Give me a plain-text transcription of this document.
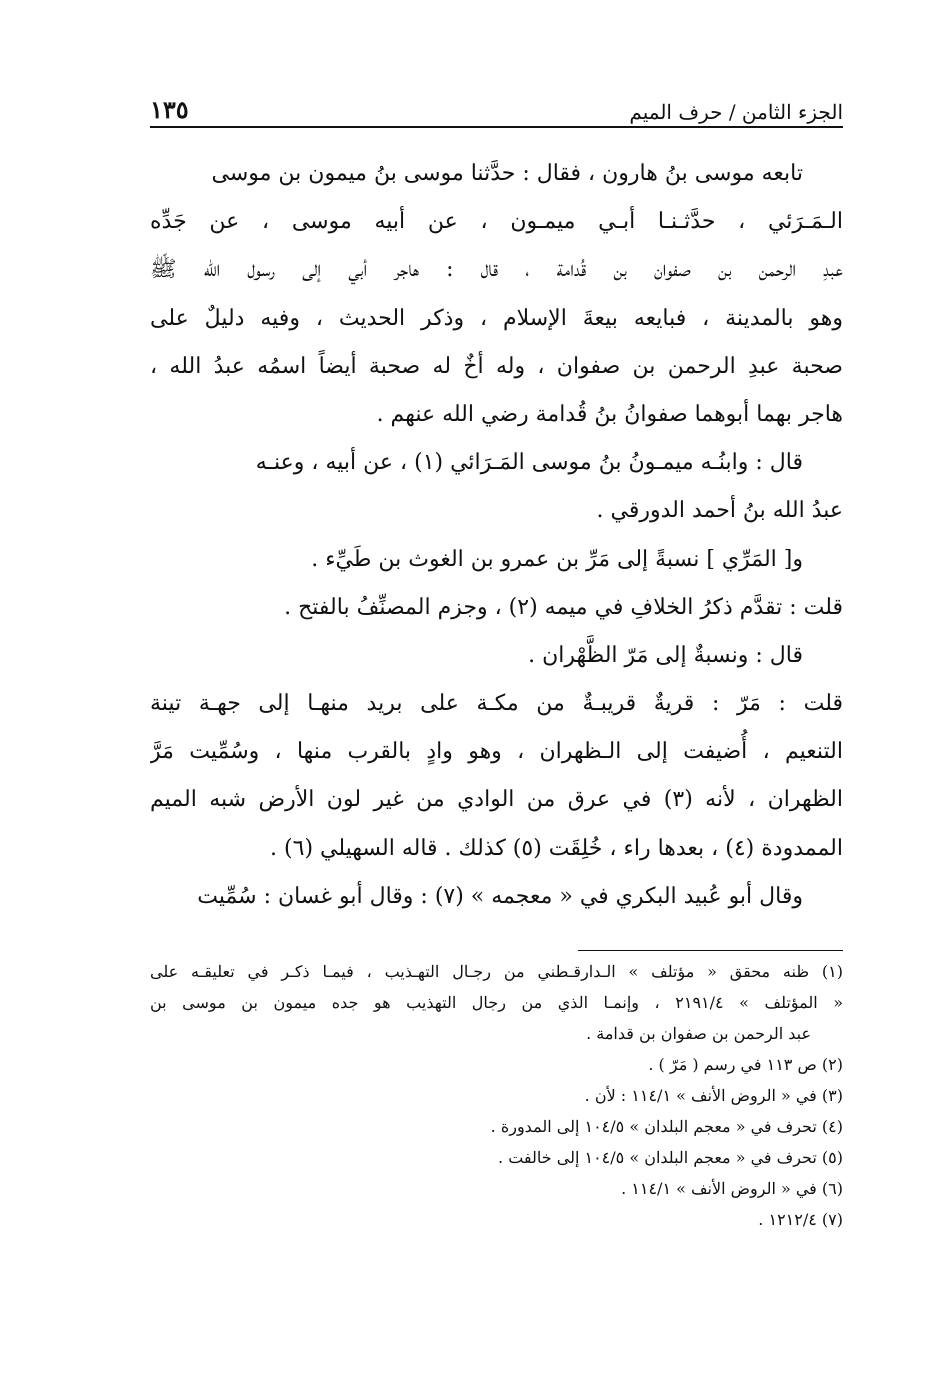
١٣٥	الجزء الثامن / حرف الميم
تابعه موسى بنُ هارون ، فقال : حدَّثنا موسى بنُ ميمون بن موسى
الـمَـرَئي ، حدَّثـنـا أبـي ميمـون ، عن أبيه موسى ، عن جَدِّه
عبدِ الرحمن بن صفوان بن قُدامة ، قال : هاجر أبي إلى رسول الله ﷺ
وهو بالمدينة ، فبايعه بيعةَ الإسلام ، وذكر الحديث ، وفيه دليلٌ على
صحبة عبدِ الرحمن بن صفوان ، وله أخٌ له صحبة أيضاً اسمُه عبدُ الله ،
هاجر بهما أبوهما صفوانُ بنُ قُدامة رضي الله عنهم .
قال : وابنُـه ميمـونُ بنُ موسى المَـرَائي (١) ، عن أبيه ، وعنـه
عبدُ الله بنُ أحمد الدورقي .
و[ المَرِّي ] نسبةً إلى مَرِّ بن عمرو بن الغوث بن طَيِّء .
قلت : تقدَّم ذكرُ الخلافِ في ميمه (٢) ، وجزم المصنِّفُ بالفتح .
قال : ونسبةٌ إلى مَرّ الظَّهْران .
قلت : مَرّ : قريةٌ قريبـةٌ من مكـة على بريد منهـا إلى جهـة تينة
التنعيم ، أُضيفت إلى الـظهران ، وهو وادٍ بالقرب منها ، وسُمِّيت مَرَّ
الظهران ، لأنه (٣) في عرق من الوادي من غير لون الأرض شبه الميم
الممدودة (٤) ، بعدها راء ، خُلِقَت (٥) كذلك . قاله السهيلي (٦) .
وقال أبو عُبيد البكري في « معجمه » (٧) : وقال أبو غسان : سُمِّيت
(١) ظنه محقق « مؤتلف » الـدارقـطني من رجـال التهـذيب ، فيمـا ذكـر في تعليقـه على
« المؤتلف » ٢١٩١/٤ ، وإنمـا الذي من رجال التهذيب هو جده ميمون بن موسى بن
عبد الرحمن بن صفوان بن قدامة .
(٢) ص ١١٣ في رسم ( مَرّ ) .
(٣) في « الروض الأنف » ١١٤/١ : لأن .
(٤) تحرف في « معجم البلدان » ١٠٤/٥ إلى المدورة .
(٥) تحرف في « معجم البلدان » ١٠٤/٥ إلى خالفت .
(٦) في « الروض الأنف » ١١٤/١ .
(٧) ١٢١٢/٤ .
